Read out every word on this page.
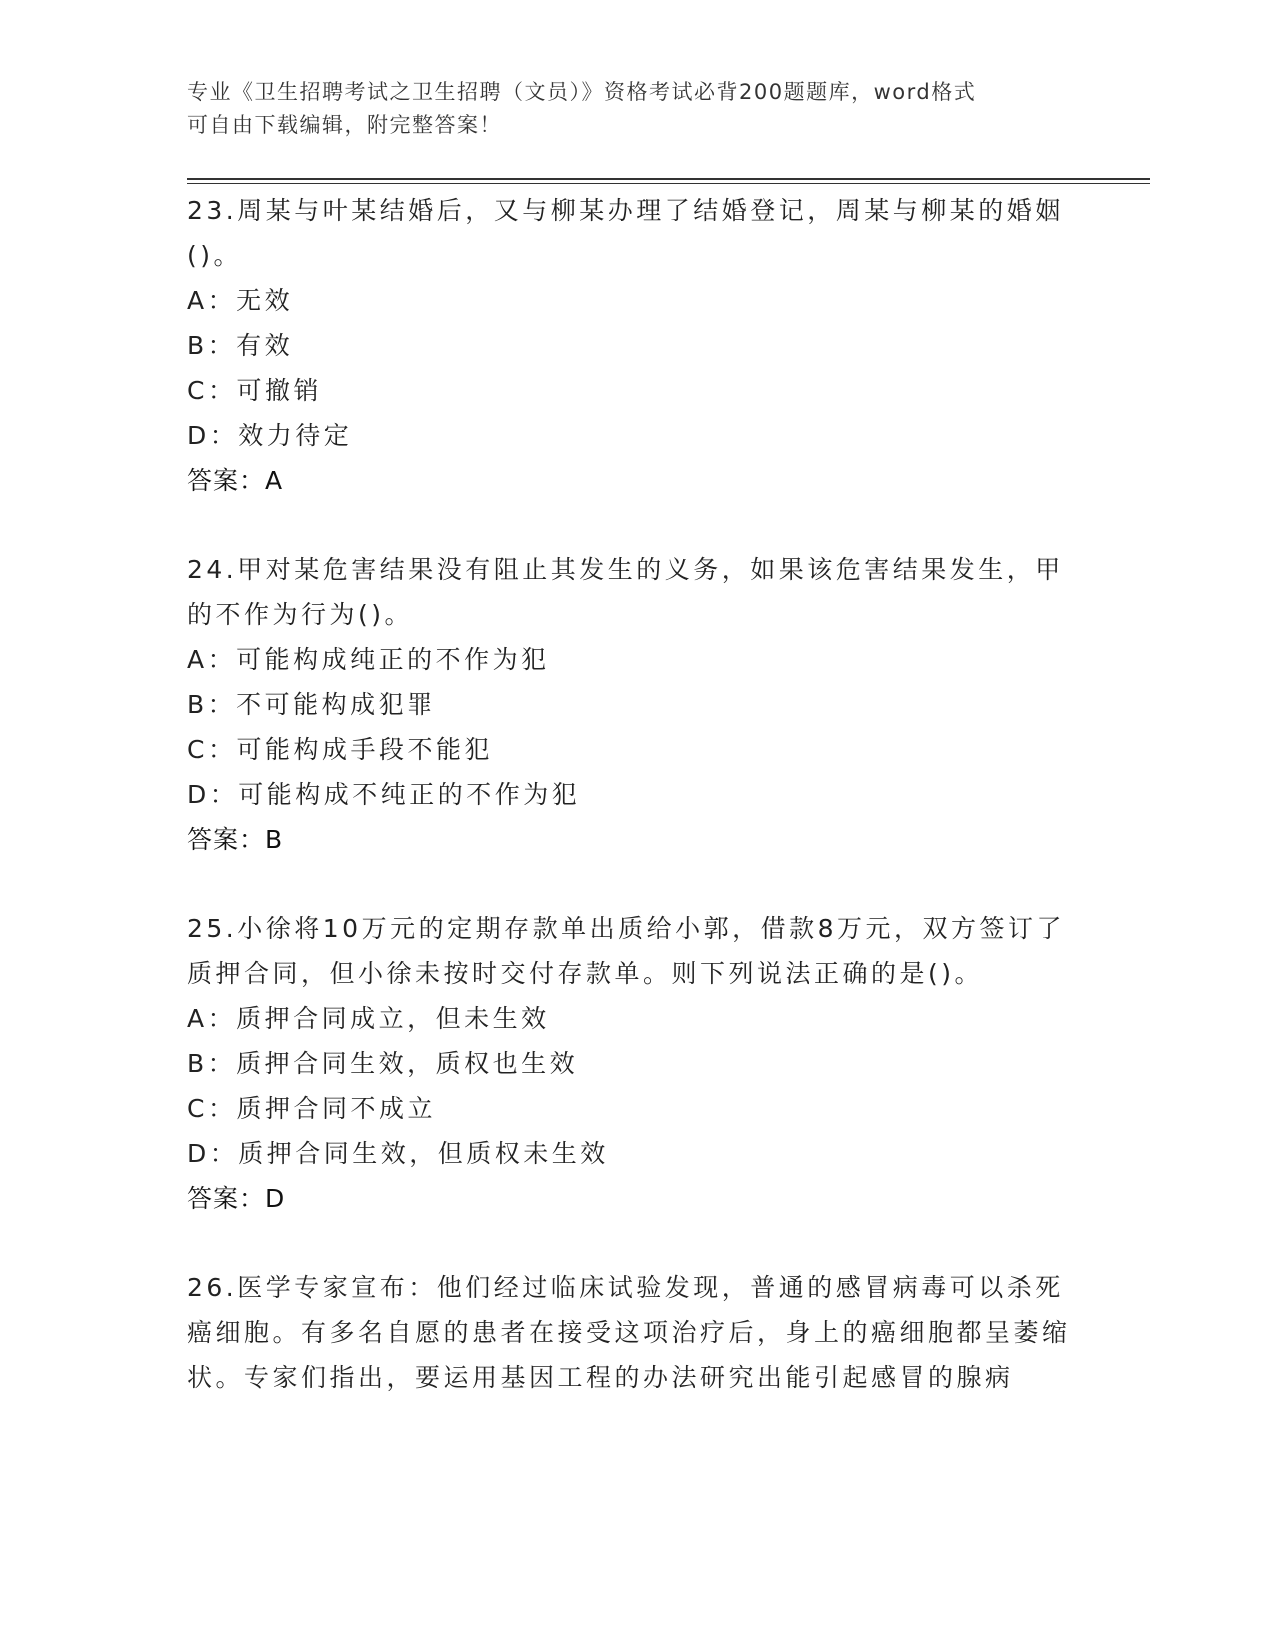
专业《卫生招聘考试之卫生招聘（文员）》资格考试必背200题题库，word格式
可自由下载编辑，附完整答案！
23.周某与叶某结婚后，又与柳某办理了结婚登记，周某与柳某的婚姻()。
A：无效
B：有效
C：可撤销
D：效力待定
答案：A
24.甲对某危害结果没有阻止其发生的义务，如果该危害结果发生，甲的不作为行为()。
A：可能构成纯正的不作为犯
B：不可能构成犯罪
C：可能构成手段不能犯
D：可能构成不纯正的不作为犯
答案：B
25.小徐将10万元的定期存款单出质给小郭，借款8万元，双方签订了质押合同，但小徐未按时交付存款单。则下列说法正确的是()。
A：质押合同成立，但未生效
B：质押合同生效，质权也生效
C：质押合同不成立
D：质押合同生效，但质权未生效
答案：D
26.医学专家宣布：他们经过临床试验发现，普通的感冒病毒可以杀死癌细胞。有多名自愿的患者在接受这项治疗后，身上的癌细胞都呈萎缩状。专家们指出，要运用基因工程的办法研究出能引起感冒的腺病
